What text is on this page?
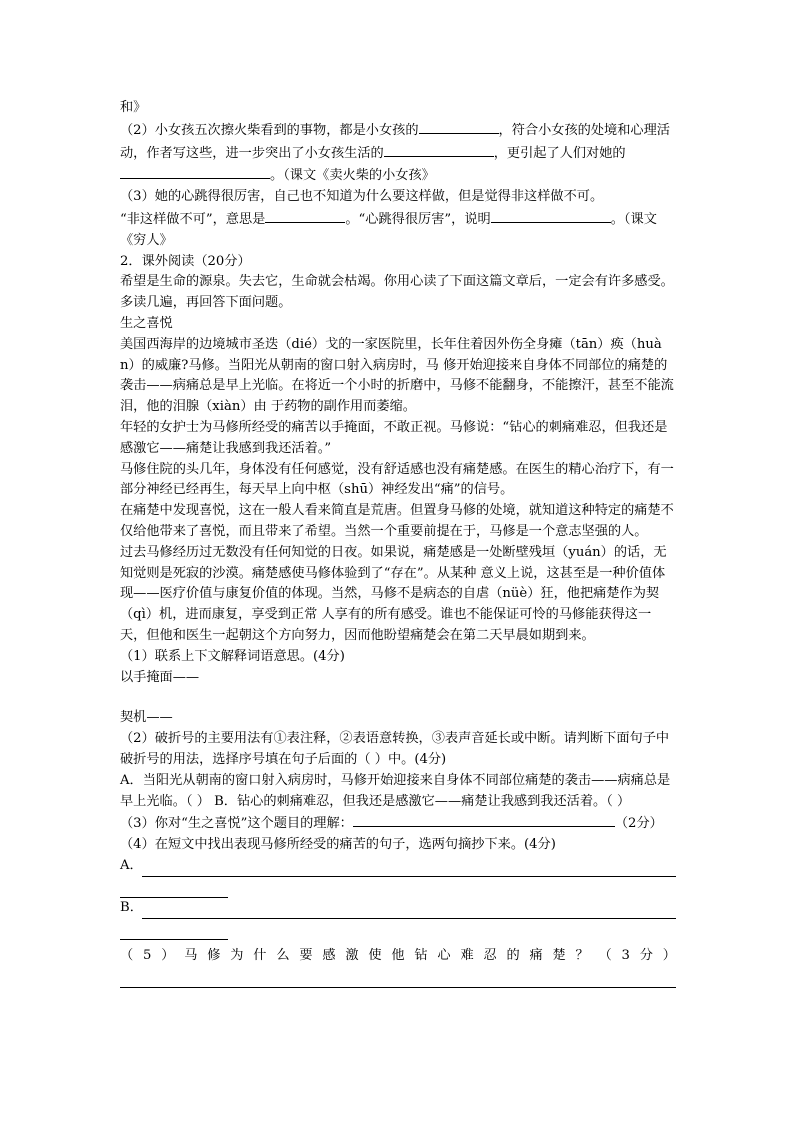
和》

（2）小女孩五次擦火柴看到的事物，都是小女孩的	，符合小女孩的处境和心理活动，作者写这些，进一步突出了小女孩生活的	，更引起了人们对她的。（课文《卖火柴的小女孩》

（3）她的心跳得很厉害，自己也不知道为什么要这样做，但是觉得非这样做不可。
“非这样做不可”，意思是	。“心跳得很厉害”，说明	。（课文《穷人》

2．课外阅读（20分）

希望是生命的源泉。失去它，生命就会枯竭。你用心读了下面这篇文章后，一定会有许多感受。多读几遍，再回答下面问题。

生之喜悦

美国西海岸的边境城市圣迭（dié）戈的一家医院里，长年住着因外伤全身瘫（tān）痪（huàn）的威廉?马修。当阳光从朝南的窗口射入病房时，马 修开始迎接来自身体不同部位的痛楚的袭击——病痛总是早上光临。在将近一个小时的折磨中，马修不能翻身，不能擦汗，甚至不能流泪，他的泪腺（xiàn）由 于药物的副作用而萎缩。

年轻的女护士为马修所经受的痛苦以手掩面，不敢正视。马修说：“钻心的刺痛难忍，但我还是感激它——痛楚让我感到我还活着。”

马修住院的头几年，身体没有任何感觉，没有舒适感也没有痛楚感。在医生的精心治疗下，有一部分神经已经再生，每天早上向中枢（shū）神经发出“痛”的信号。

在痛楚中发现喜悦，这在一般人看来简直是荒唐。但置身马修的处境，就知道这种特定的痛楚不仅给他带来了喜悦，而且带来了希望。当然一个重要前提在于，马修是一个意志坚强的人。

过去马修经历过无数没有任何知觉的日夜。如果说，痛楚感是一处断壁残垣（yuán）的话，无知觉则是死寂的沙漠。痛楚感使马修体验到了“存在”。从某种 意义上说，这甚至是一种价值体现——医疗价值与康复价值的体现。当然，马修不是病态的自虐（nüè）狂，他把痛楚作为契（qì）机，进而康复，享受到正常 人享有的所有感受。谁也不能保证可怜的马修能获得这一天，但他和医生一起朝这个方向努力，因而他盼望痛楚会在第二天早晨如期到来。

（1）联系上下文解释词语意思。(4分)

以手掩面——

契机——

（2）破折号的主要用法有①表注释，②表语意转换，③表声音延长或中断。请判断下面句子中破折号的用法，选择序号填在句子后面的（ ）中。(4分)

A．当阳光从朝南的窗口射入病房时，马修开始迎接来自身体不同部位痛楚的袭击——病痛总是早上光临。（ ） B．钻心的刺痛难忍，但我还是感激它——痛楚让我感到我还活着。（ ）

（3）你对“生之喜悦”这个题目的理解：	（2分）

（4）在短文中找出表现马修所经受的痛苦的句子，选两句摘抄下来。(4分)

A．
B．
（ 5 ） 马 修 为 什 么 要 感 激 使 他 钻 心 难 忍 的 痛 楚 ？ （ 3 分 ）
